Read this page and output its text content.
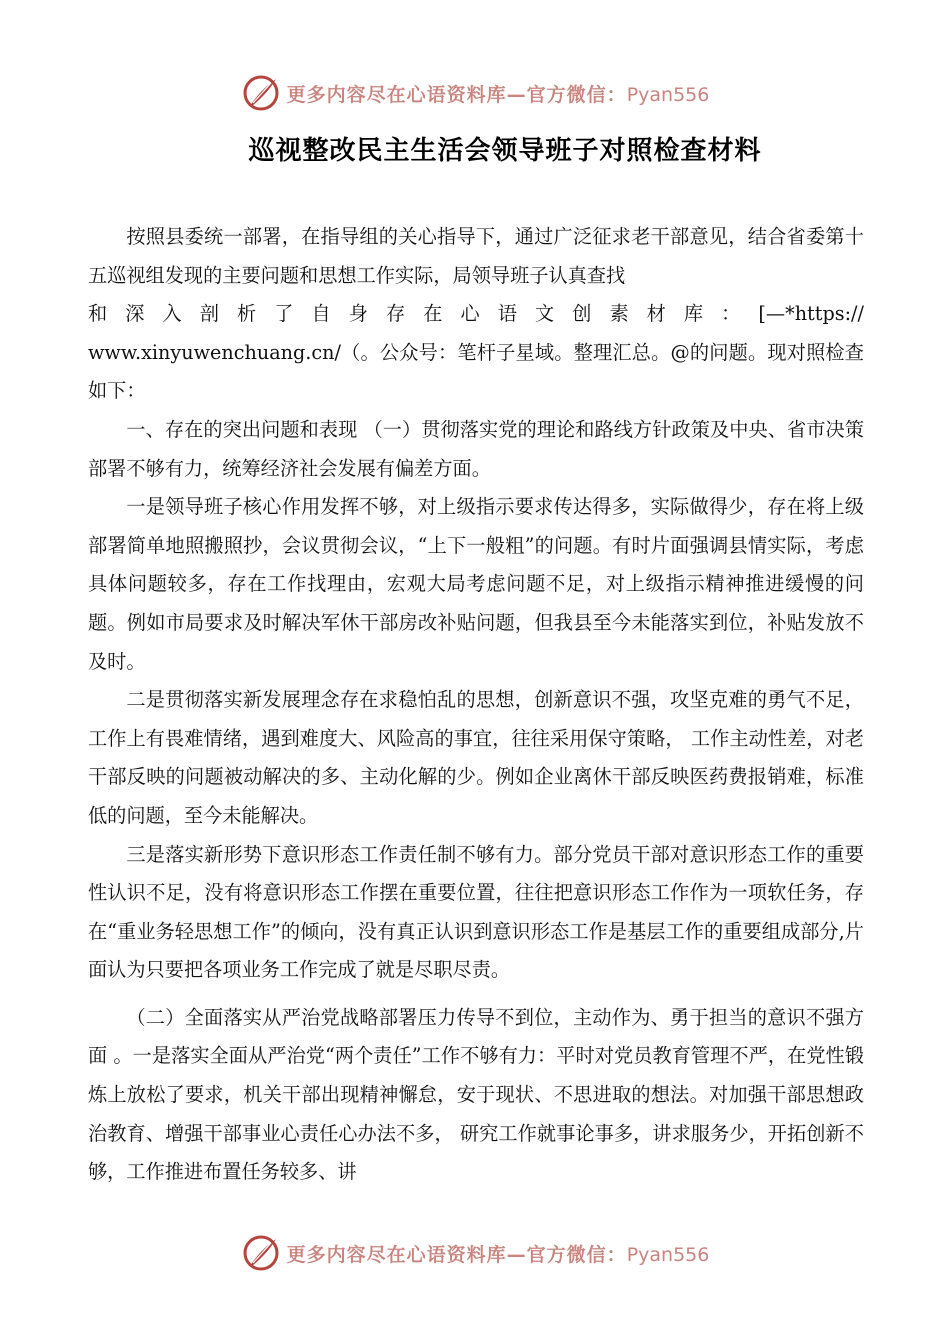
更多内容尽在心语资料库—官方微信：Pyan556
巡视整改民主生活会领导班子对照检查材料

按照县委统一部署，在指导组的关心指导下，通过广泛征求老干部意见，结合省委第十五巡视组发现的主要问题和思想工作实际，局领导班子认真查找

和深入剖析了自身存在心语文创素材库：[—*https://

www.xinyuwenchuang.cn/（。公众号：笔杆子星域。整理汇总。@的问题。现对照检查如下：

一、存在的突出问题和表现 （一）贯彻落实党的理论和路线方针政策及中央、省市决策部署不够有力，统筹经济社会发展有偏差方面。

一是领导班子核心作用发挥不够，对上级指示要求传达得多，实际做得少，存在将上级部署简单地照搬照抄，会议贯彻会议，“上下一般粗”的问题。有时片面强调县情实际，考虑具体问题较多，存在工作找理由，宏观大局考虑问题不足，对上级指示精神推进缓慢的问题。例如市局要求及时解决军休干部房改补贴问题，但我县至今未能落实到位，补贴发放不及时。

二是贯彻落实新发展理念存在求稳怕乱的思想，创新意识不强，攻坚克难的勇气不足，工作上有畏难情绪，遇到难度大、风险高的事宜，往往采用保守策略， 工作主动性差，对老干部反映的问题被动解决的多、主动化解的少。例如企业离休干部反映医药费报销难，标准低的问题，至今未能解决。

三是落实新形势下意识形态工作责任制不够有力。部分党员干部对意识形态工作的重要性认识不足，没有将意识形态工作摆在重要位置，往往把意识形态工作作为一项软任务，存在“重业务轻思想工作”的倾向，没有真正认识到意识形态工作是基层工作的重要组成部分,片面认为只要把各项业务工作完成了就是尽职尽责。

（二）全面落实从严治党战略部署压力传导不到位，主动作为、勇于担当的意识不强方面 。一是落实全面从严治党“两个责任”工作不够有力：平时对党员教育管理不严，在党性锻炼上放松了要求，机关干部出现精神懈怠，安于现状、不思进取的想法。对加强干部思想政治教育、增强干部事业心责任心办法不多， 研究工作就事论事多，讲求服务少，开拓创新不够，工作推进布置任务较多、讲

更多内容尽在心语资料库—官方微信：Pyan556
